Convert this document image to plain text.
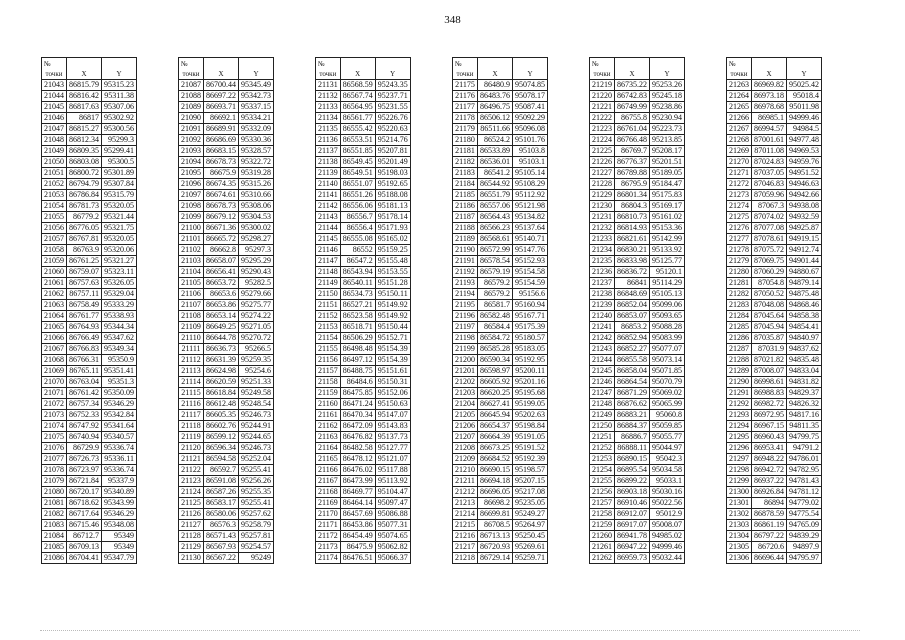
348
№		
точки	X	Y
21043	86815.79	95315.23
21044	86816.42	95311.38
21045	86817.63	95307.06
21046	86817	95302.92
21047	86815.27	95300.56
21048	86812.34	95299.3
21049	86809.35	95299.41
21050	86803.08	95300.5
21051	86800.72	95301.89
21052	86794.79	95307.84
21053	86786.84	95315.79
21054	86781.73	95320.05
21055	86779.2	95321.44
21056	86776.05	95321.75
21057	86767.81	95320.05
21058	86763.9	95320.06
21059	86761.25	95321.27
21060	86759.07	95323.11
21061	86757.63	95326.05
21062	86757.11	95329.04
21063	86758.49	95333.29
21064	86761.77	95338.93
21065	86764.93	95344.34
21066	86766.49	95347.62
21067	86766.83	95349.34
21068	86766.31	95350.9
21069	86765.11	95351.41
21070	86763.04	95351.3
21071	86761.42	95350.09
21072	86757.34	95346.29
21073	86752.33	95342.84
21074	86747.92	95341.64
21075	86740.94	95340.57
21076	86729.9	95336.74
21077	86726.73	95336.11
21078	86723.97	95336.74
21079	86721.84	95337.9
21080	86720.17	95340.89
21081	86718.62	95343.99
21082	86717.64	95346.29
21083	86715.46	95348.08
21084	86712.7	95349
21085	86709.13	95349
21086	86704.41	95347.79
№		
точки	X	Y
21087	86700.44	95345.49
21088	86697.22	95342.73
21089	86693.71	95337.15
21090	86692.1	95334.21
21091	86689.91	95332.09
21092	86686.69	95330.36
21093	86683.15	95328.57
21094	86678.73	95322.72
21095	86675.9	95319.28
21096	86674.35	95315.26
21097	86674.61	95310.66
21098	86678.73	95308.06
21099	86679.12	95304.53
21100	86671.36	95300.02
21101	86665.72	95298.27
21102	86662.8	95297.3
21103	86658.07	95295.29
21104	86656.41	95290.43
21105	86653.72	95282.5
21106	86653.6	95279.66
21107	86653.86	95275.77
21108	86653.14	95274.22
21109	86649.25	95271.05
21110	86644.78	95270.72
21111	86636.73	95266.5
21112	86631.39	95259.35
21113	86624.98	95254.6
21114	86620.59	95251.33
21115	86618.84	95249.58
21116	86612.48	95248.54
21117	86605.35	95246.73
21118	86602.76	95244.91
21119	86599.12	95244.65
21120	86596.34	95246.73
21121	86594.58	95252.04
21122	86592.7	95255.41
21123	86591.08	95256.26
21124	86587.26	95255.35
21125	86583.17	95255.41
21126	86580.06	95257.62
21127	86576.3	95258.79
21128	86571.43	95257.81
21129	86567.93	95254.57
21130	86567.22	95249
№		
точки	X	Y
21131	86568.59	95243.35
21132	86567.74	95237.71
21133	86564.95	95231.55
21134	86561.77	95226.76
21135	86555.42	95220.63
21136	86553.51	95214.76
21137	86551.85	95207.81
21138	86549.45	95201.49
21139	86549.51	95198.03
21140	86551.07	95192.65
21141	86551.26	95188.08
21142	86556.06	95181.13
21143	86556.7	95178.14
21144	86556.4	95171.93
21145	86555.08	95165.02
21146	86552	95159.25
21147	86547.2	95155.48
21148	86543.94	95153.55
21149	86540.11	95151.28
21150	86534.73	95150.11
21151	86527.21	95149.92
21152	86523.58	95149.92
21153	86518.71	95150.44
21154	86506.29	95152.71
21155	86498.48	95154.39
21156	86497.12	95154.39
21157	86488.75	95151.61
21158	86484.6	95150.31
21159	86475.85	95152.06
21160	86471.24	95150.63
21161	86470.34	95147.07
21162	86472.09	95143.83
21163	86476.82	95137.73
21164	86482.58	95127.77
21165	86478.12	95121.07
21166	86476.02	95117.88
21167	86473.99	95113.92
21168	86469.77	95104.47
21169	86464.14	95097.47
21170	86457.69	95086.88
21171	86453.86	95077.31
21172	86454.49	95074.65
21173	86475.9	95062.82
21174	86476.51	95066.37
№		
точки	X	Y
21175	86480.9	95074.85
21176	86483.76	95078.17
21177	86496.75	95087.41
21178	86506.12	95092.29
21179	86511.66	95096.08
21180	86524.2	95101.76
21181	86533.89	95103.8
21182	86536.01	95103.1
21183	86541.2	95105.14
21184	86544.92	95108.29
21185	86551.79	95112.92
21186	86557.06	95121.98
21187	86564.43	95134.82
21188	86566.23	95137.64
21189	86568.61	95140.71
21190	86572.99	95147.76
21191	86578.54	95152.93
21192	86579.19	95154.58
21193	86579.2	95154.59
21194	86579.2	95156.6
21195	86581.7	95160.94
21196	86582.48	95167.71
21197	86584.4	95175.39
21198	86584.72	95180.57
21199	86585.28	95183.05
21200	86590.34	95192.95
21201	86598.97	95200.11
21202	86605.92	95201.16
21203	86620.25	95195.68
21204	86627.41	95199.05
21205	86645.94	95202.63
21206	86654.37	95198.84
21207	86664.39	95191.05
21208	86673.25	95191.52
21209	86684.52	95192.39
21210	86690.15	95198.57
21211	86694.18	95207.15
21212	86696.05	95217.08
21213	86698.2	95235.05
21214	86699.81	95249.27
21215	86708.5	95264.97
21216	86713.13	95250.45
21217	86720.93	95269.61
21218	86729.14	95259.71
№		
точки	X	Y
21219	86735.22	95253.26
21220	86742.83	95245.18
21221	86749.99	95238.86
21222	86755.8	95230.94
21223	86761.04	95223.73
21224	86766.48	95213.85
21225	86769.7	95208.17
21226	86776.37	95201.51
21227	86789.88	95189.05
21228	86795.9	95184.47
21229	86801.34	95175.83
21230	86804.3	95169.17
21231	86810.73	95161.02
21232	86814.93	95153.36
21233	86821.61	95142.99
21234	86830.21	95133.92
21235	86833.98	95125.77
21236	86836.72	95120.1
21237	86841	95114.29
21238	86848.69	95105.13
21239	86852.04	95099.06
21240	86853.07	95093.65
21241	86853.2	95088.28
21242	86852.94	95083.99
21243	86852.27	95077.07
21244	86855.58	95073.14
21245	86858.04	95071.85
21246	86864.54	95070.79
21247	86871.29	95069.02
21248	86876.62	95065.99
21249	86883.21	95060.8
21250	86884.37	95059.85
21251	86886.7	95055.77
21252	86888.11	95044.97
21253	86890.15	95042.3
21254	86895.54	95034.58
21255	86899.22	95033.1
21256	86903.18	95030.16
21257	86910.46	95022.56
21258	86912.07	95012.9
21259	86917.07	95008.07
21260	86941.78	94985.02
21261	86947.22	94999.46
21262	86959.73	95032.44
№		
точки	X	Y
21263	86969.82	95025.42
21264	86973.18	95018.4
21265	86978.68	95011.98
21266	86985.1	94999.46
21267	86994.57	94984.5
21268	87001.61	94977.48
21269	87011.08	94969.53
21270	87024.83	94959.76
21271	87037.05	94951.52
21272	87046.83	94946.63
21273	87059.96	94942.66
21274	87067.3	94938.08
21275	87074.02	94932.59
21276	87077.08	94925.87
21277	87078.61	94919.15
21278	87075.72	94912.74
21279	87069.75	94901.44
21280	87060.29	94880.67
21281	87054.8	94879.14
21282	87050.52	94875.48
21283	87048.08	94868.46
21284	87045.64	94858.38
21285	87045.94	94854.41
21286	87035.87	94840.97
21287	87031.9	94837.62
21288	87021.82	94835.48
21289	87008.07	94833.04
21290	86998.61	94831.82
21291	86988.83	94829.37
21292	86982.72	94826.32
21293	86972.95	94817.16
21294	86967.15	94811.35
21295	86960.43	94799.75
21296	86953.41	94791.2
21297	86948.22	94786.01
21298	86942.72	94782.95
21299	86937.22	94781.43
21300	86926.84	94781.12
21301	86894	94779.02
21302	86878.59	94775.54
21303	86861.19	94765.09
21304	86797.22	94839.29
21305	86720.6	94897.9
21306	86696.44	94795.97
